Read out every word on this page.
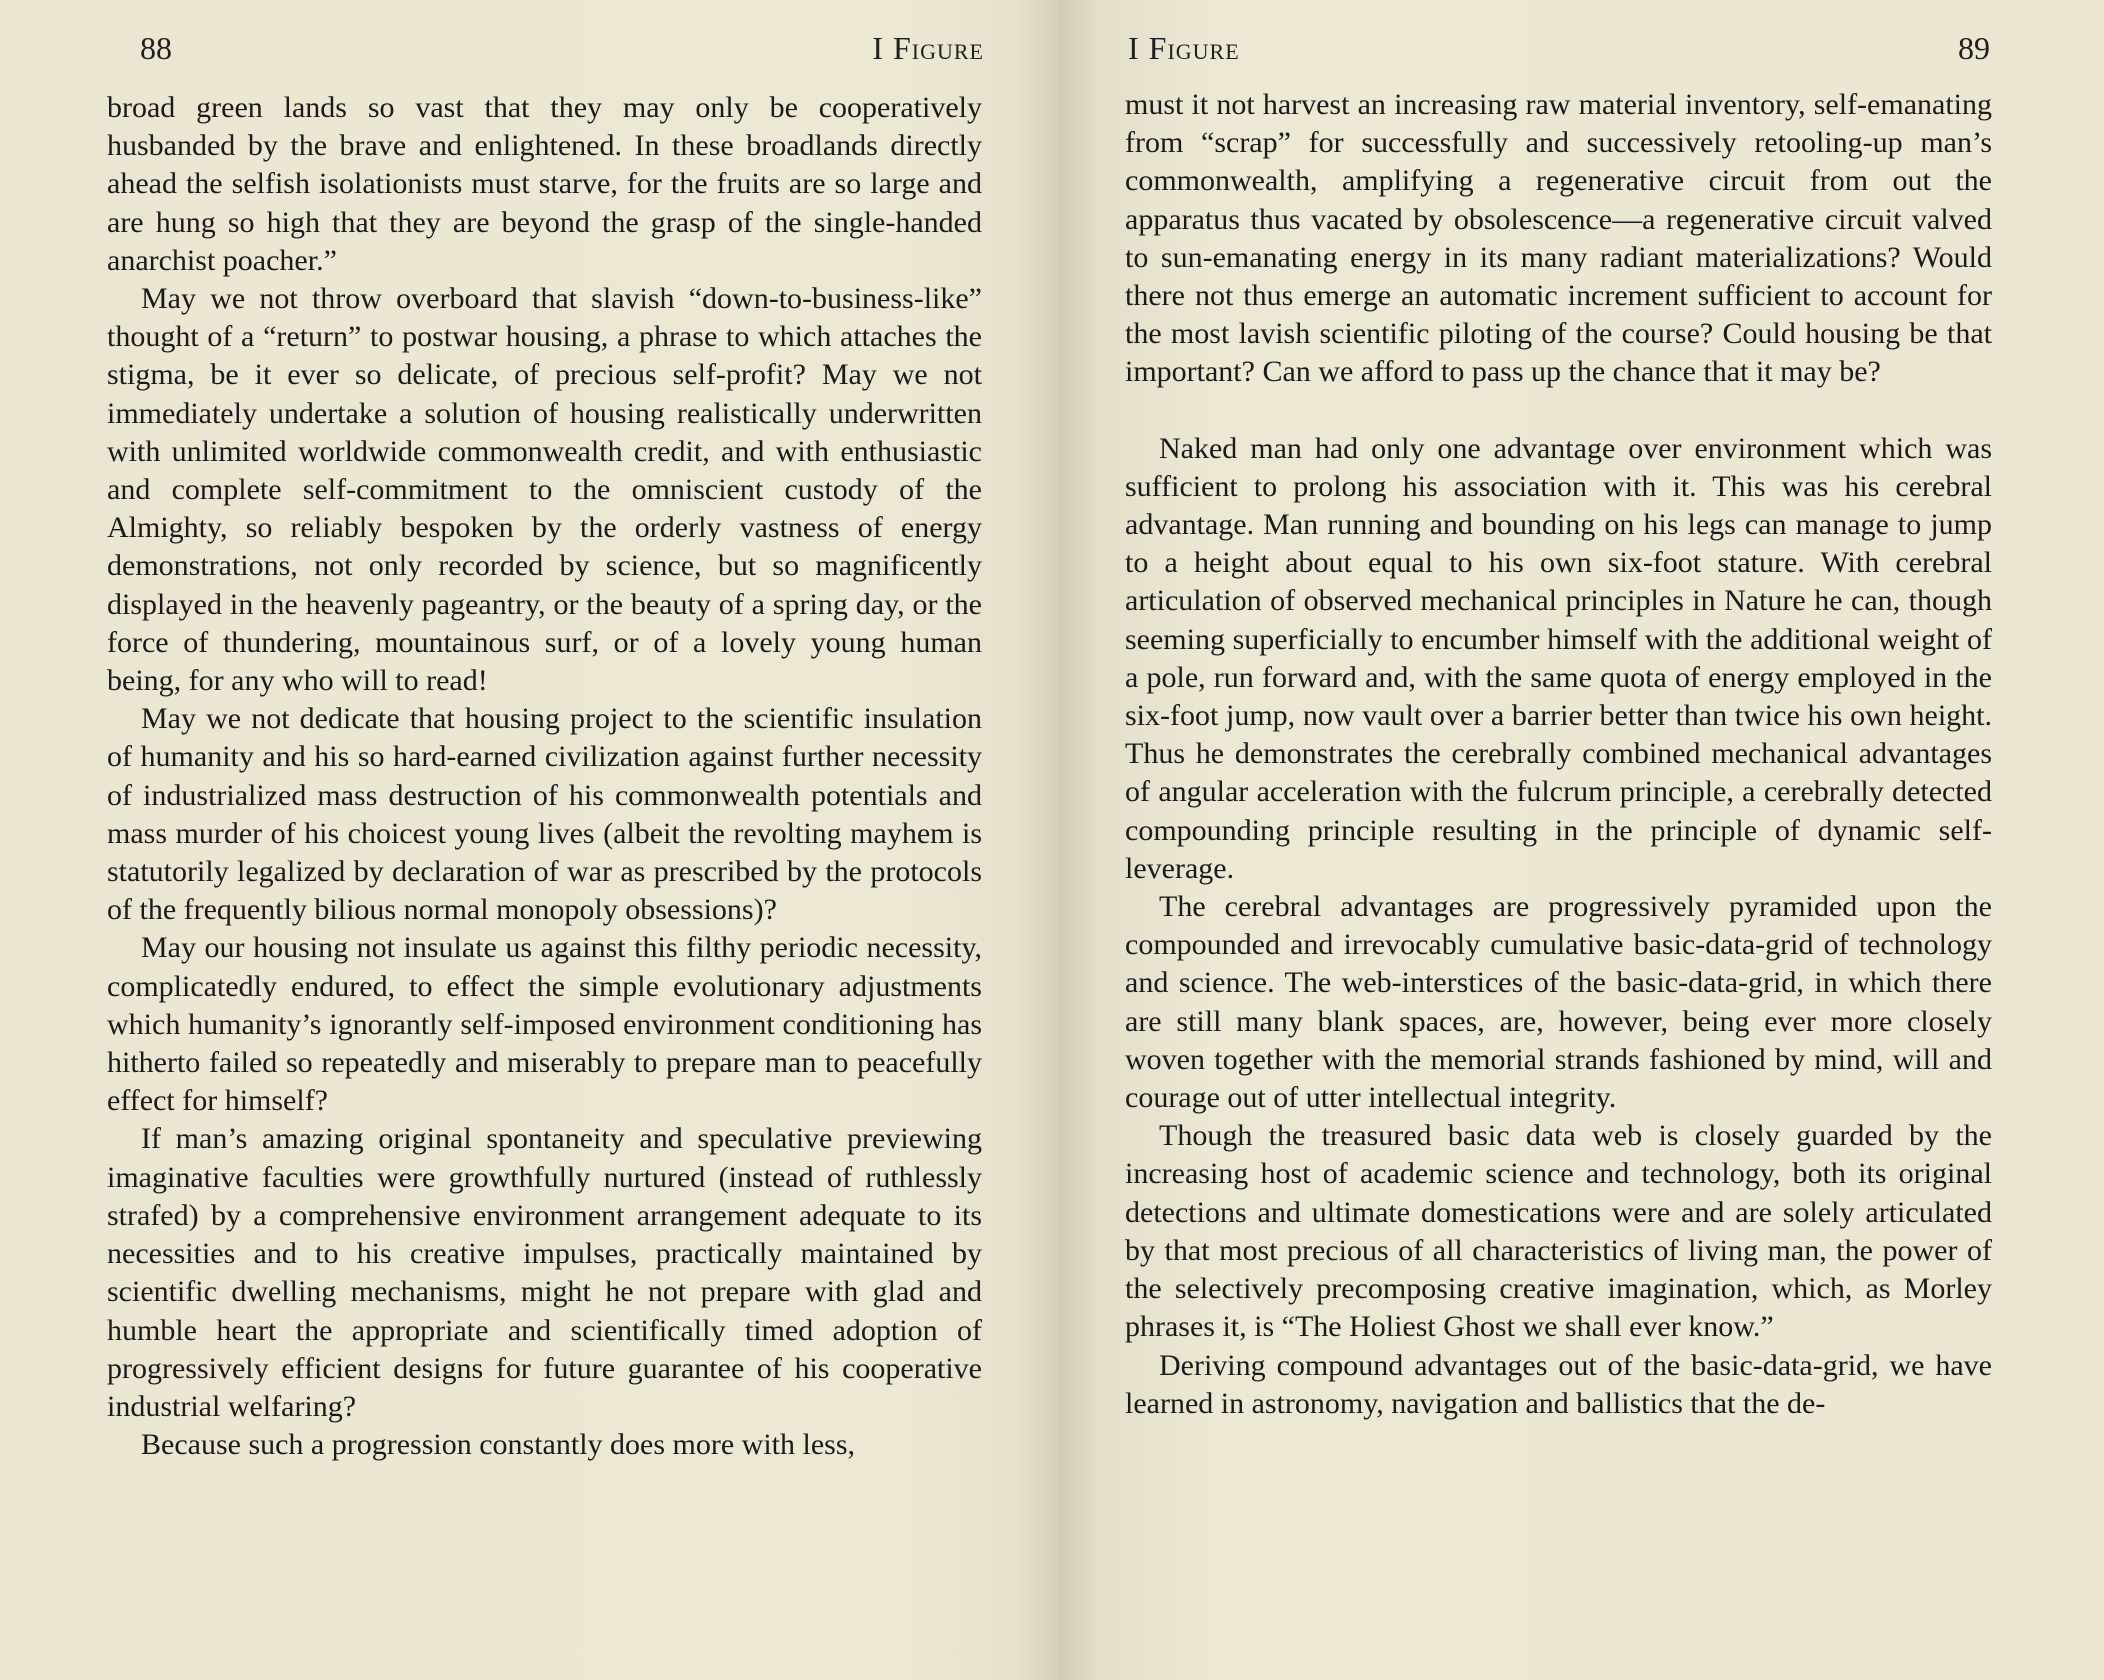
88	I Figure

broad green lands so vast that they may only be cooperatively husbanded by the brave and enlightened. In these broadlands directly ahead the selfish isolationists must starve, for the fruits are so large and are hung so high that they are beyond the grasp of the single-handed anarchist poacher.”

May we not throw overboard that slavish “down-to-business-like” thought of a “return” to postwar housing, a phrase to which attaches the stigma, be it ever so delicate, of precious self-profit? May we not immediately undertake a solution of housing realistically underwritten with unlimited worldwide commonwealth credit, and with enthusiastic and complete self-commitment to the omniscient custody of the Almighty, so reliably bespoken by the orderly vastness of energy demonstrations, not only recorded by science, but so magnificently displayed in the heavenly pageantry, or the beauty of a spring day, or the force of thundering, mountainous surf, or of a lovely young human being, for any who will to read!

May we not dedicate that housing project to the scientific insulation of humanity and his so hard-earned civilization against further necessity of industrialized mass destruction of his commonwealth potentials and mass murder of his choicest young lives (albeit the revolting mayhem is statutorily legalized by declaration of war as prescribed by the protocols of the frequently bilious normal monopoly obsessions)?

May our housing not insulate us against this filthy periodic necessity, complicatedly endured, to effect the simple evolutionary adjustments which humanity’s ignorantly self-imposed environment conditioning has hitherto failed so repeatedly and miserably to prepare man to peacefully effect for himself?

If man’s amazing original spontaneity and speculative previewing imaginative faculties were growthfully nurtured (instead of ruthlessly strafed) by a comprehensive environment arrangement adequate to its necessities and to his creative impulses, practically maintained by scientific dwelling mechanisms, might he not prepare with glad and humble heart the appropriate and scientifically timed adoption of progressively efficient designs for future guarantee of his cooperative industrial welfaring?

Because such a progression constantly does more with less,

I Figure	89

must it not harvest an increasing raw material inventory, self-emanating from “scrap” for successfully and successively retooling-up man’s commonwealth, amplifying a regenerative circuit from out the apparatus thus vacated by obsolescence—a regenerative circuit valved to sun-emanating energy in its many radiant materializations? Would there not thus emerge an automatic increment sufficient to account for the most lavish scientific piloting of the course? Could housing be that important? Can we afford to pass up the chance that it may be?

Naked man had only one advantage over environment which was sufficient to prolong his association with it. This was his cerebral advantage. Man running and bounding on his legs can manage to jump to a height about equal to his own six-foot stature. With cerebral articulation of observed mechanical principles in Nature he can, though seeming superficially to encumber himself with the additional weight of a pole, run forward and, with the same quota of energy employed in the six-foot jump, now vault over a barrier better than twice his own height. Thus he demonstrates the cerebrally combined mechanical advantages of angular acceleration with the fulcrum principle, a cerebrally detected compounding principle resulting in the principle of dynamic self-leverage.

The cerebral advantages are progressively pyramided upon the compounded and irrevocably cumulative basic-data-grid of technology and science. The web-interstices of the basic-data-grid, in which there are still many blank spaces, are, however, being ever more closely woven together with the memorial strands fashioned by mind, will and courage out of utter intellectual integrity.

Though the treasured basic data web is closely guarded by the increasing host of academic science and technology, both its original detections and ultimate domestications were and are solely articulated by that most precious of all characteristics of living man, the power of the selectively precomposing creative imagination, which, as Morley phrases it, is “The Holiest Ghost we shall ever know.”

Deriving compound advantages out of the basic-data-grid, we have learned in astronomy, navigation and ballistics that the de-
